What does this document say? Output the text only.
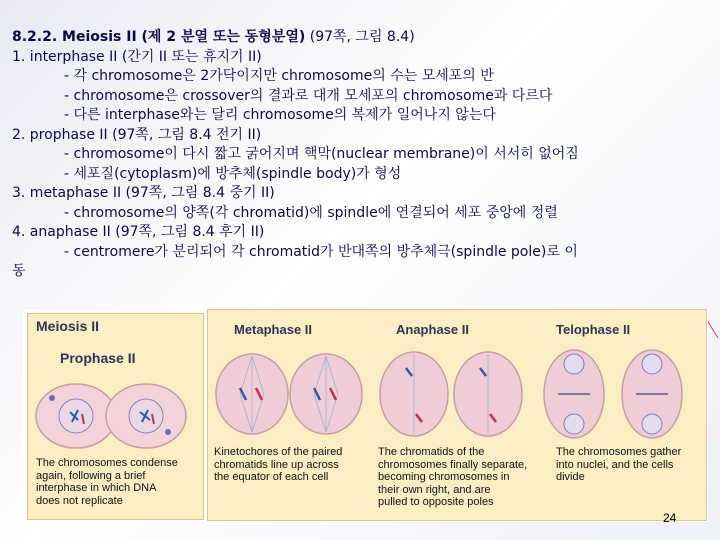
8.2.2. Meiosis II (제 2 분열 또는 동형분열) (97쪽, 그림 8.4)
1. interphase II (간기 II 또는 휴지기 II)
- 각 chromosome은 2가닥이지만 chromosome의 수는 모세포의 반
- chromosome은 crossover의 결과로 대개 모세포의 chromosome과 다르다
- 다른 interphase와는 달리 chromosome의 복제가 일어나지 않는다
2. prophase II (97쪽, 그림 8.4 전기 II)
- chromosome이 다시 짧고 굵어지며 핵막(nuclear membrane)이 서서히 없어짐
- 세포질(cytoplasm)에 방추체(spindle body)가 형성
3. metaphase II (97쪽, 그림 8.4 중기 II)
- chromosome의 양쪽(각 chromatid)에 spindle에 연결되어 세포 중앙에 정렬
4. anaphase II (97쪽, 그림 8.4 후기 II)
- centromere가 분리되어 각 chromatid가 반대쪽의 방추체극(spindle pole)로 이
동
Meiosis II
Prophase II
The chromosomes condense
again, following a brief
interphase in which DNA
does not replicate
Metaphase II	Anaphase II	Telophase II
Kinetochores of the paired
chromatids line up across
the equator of each cell
The chromatids of the
chromosomes finally separate,
becoming chromosomes in
their own right, and are
pulled to opposite poles
The chromosomes gather
into nuclei, and the cells
divide
24
